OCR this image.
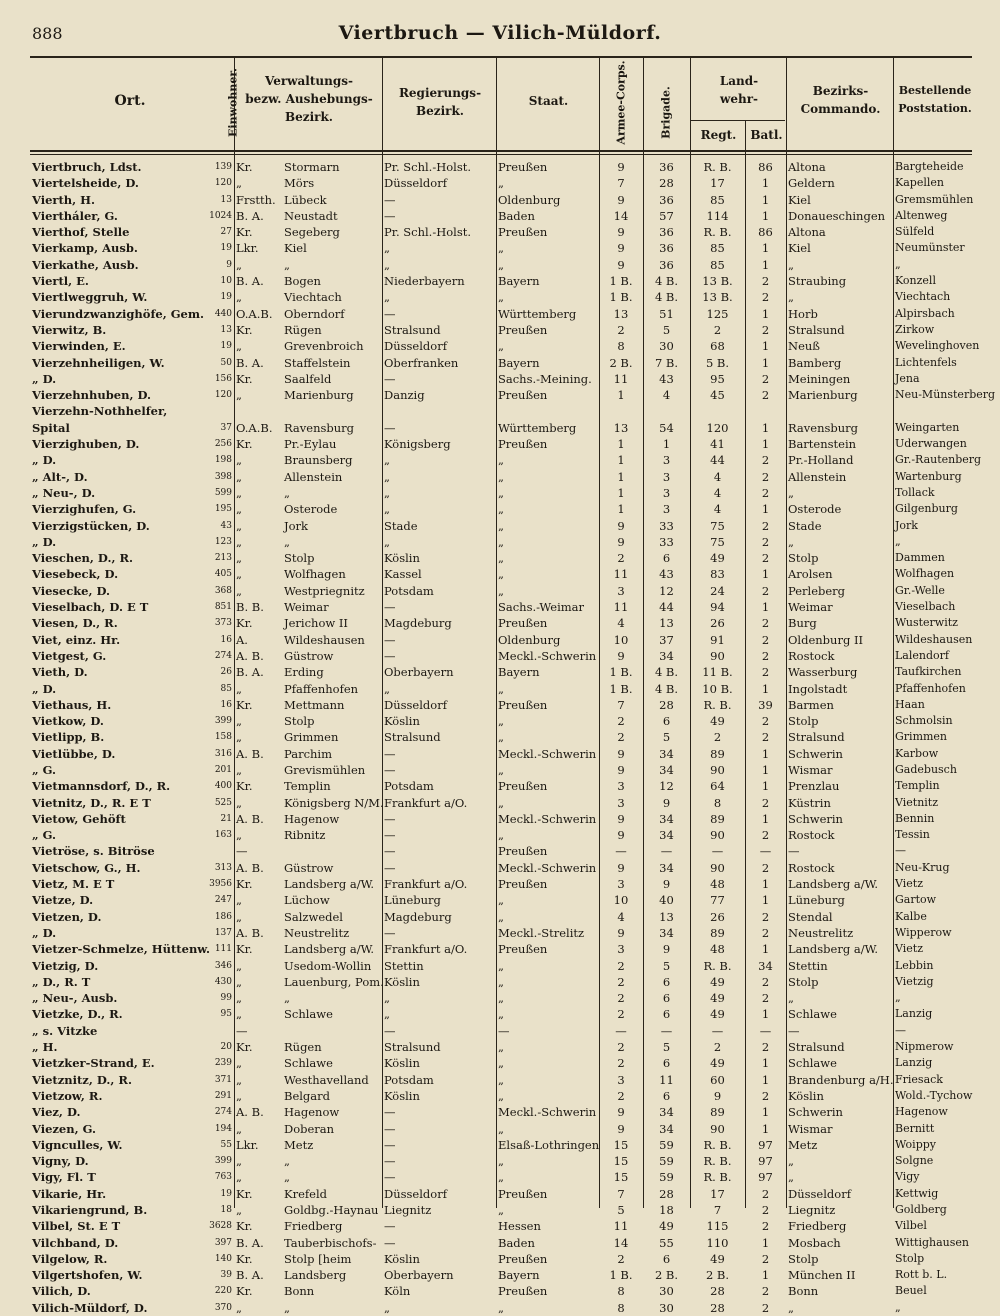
888	Viertbruch — Vilich-Müldorf.
Ort.	Einwohner.	Verwaltungs-
bezw. Aushebungs-
Bezirk.
Regierungs-
Bezirk.
Staat.	Armee-Corps.	Brigade.
Land-
wehr-
Regt.	Batl.
Bezirks-
Commando.
Bestellende
Poststation.
Viertbruch, Ldst.	139	Kr.	Stormarn	Pr. Schl.-Holst.	Preußen	9	36	R. B.	86	Altona	Bargteheide
Viertelsheide, D.	120	„	Mörs	Düsseldorf	„	7	28	17	1	Geldern	Kapellen
Vierth, H.	13	Frstth.	Lübeck	—	Oldenburg	9	36	85	1	Kiel	Gremsmühlen
Viertháler, G.	1024	B. A.	Neustadt	—	Baden	14	57	114	1	Donaueschingen	Altenweg
Vierthof, Stelle	27	Kr.	Segeberg	Pr. Schl.-Holst.	Preußen	9	36	R. B.	86	Altona	Sülfeld
Vierkamp, Ausb.	19	Lkr.	Kiel	„	„	9	36	85	1	Kiel	Neumünster
Vierkathe, Ausb.	9	„	„	„	„	9	36	85	1	„	„
Viertl, E.	10	B. A.	Bogen	Niederbayern	Bayern	1 B.	4 B.	13 B.	2	Straubing	Konzell
Viertlweggruh, W.	19	„	Viechtach	„	„	1 B.	4 B.	13 B.	2	„	Viechtach
Vierundzwanzighöfe, Gem.	440	O.A.B.	Oberndorf	—	Württemberg	13	51	125	1	Horb	Alpirsbach
Vierwitz, B.	13	Kr.	Rügen	Stralsund	Preußen	2	5	2	2	Stralsund	Zirkow
Vierwinden, E.	19	„	Grevenbroich	Düsseldorf	„	8	30	68	1	Neuß	Wevelinghoven
Vierzehnheiligen, W.	50	B. A.	Staffelstein	Oberfranken	Bayern	2 B.	7 B.	5 B.	1	Bamberg	Lichtenfels
„ D.	156	Kr.	Saalfeld	—	Sachs.-Meining.	11	43	95	2	Meiningen	Jena
Vierzehnhuben, D.	120	„	Marienburg	Danzig	Preußen	1	4	45	2	Marienburg	Neu-Münsterberg
Vierzehn-Nothhelfer,											
Spital	37	O.A.B.	Ravensburg	—	Württemberg	13	54	120	1	Ravensburg	Weingarten
Vierzighuben, D.	256	Kr.	Pr.-Eylau	Königsberg	Preußen	1	1	41	1	Bartenstein	Uderwangen
„ D.	198	„	Braunsberg	„	„	1	3	44	2	Pr.-Holland	Gr.-Rautenberg
„ Alt-, D.	398	„	Allenstein	„	„	1	3	4	2	Allenstein	Wartenburg
„ Neu-, D.	599	„	„	„	„	1	3	4	2	„	Tollack
Vierzighufen, G.	195	„	Osterode	„	„	1	3	4	1	Osterode	Gilgenburg
Vierzigstücken, D.	43	„	Jork	Stade	„	9	33	75	2	Stade	Jork
„ D.	123	„	„	„	„	9	33	75	2	„	„
Vieschen, D., R.	213	„	Stolp	Köslin	„	2	6	49	2	Stolp	Dammen
Viesebeck, D.	405	„	Wolfhagen	Kassel	„	11	43	83	1	Arolsen	Wolfhagen
Viesecke, D.	368	„	Westpriegnitz	Potsdam	„	3	12	24	2	Perleberg	Gr.-Welle
Vieselbach, D. E T	851	B. B.	Weimar	—	Sachs.-Weimar	11	44	94	1	Weimar	Vieselbach
Viesen, D., R.	373	Kr.	Jerichow II	Magdeburg	Preußen	4	13	26	2	Burg	Wusterwitz
Viet, einz. Hr.	16	A.	Wildeshausen	—	Oldenburg	10	37	91	2	Oldenburg II	Wildeshausen
Vietgest, G.	274	A. B.	Güstrow	—	Meckl.-Schwerin	9	34	90	2	Rostock	Lalendorf
Vieth, D.	26	B. A.	Erding	Oberbayern	Bayern	1 B.	4 B.	11 B.	2	Wasserburg	Taufkirchen
„ D.	85	„	Pfaffenhofen	„	„	1 B.	4 B.	10 B.	1	Ingolstadt	Pfaffenhofen
Viethaus, H.	16	Kr.	Mettmann	Düsseldorf	Preußen	7	28	R. B.	39	Barmen	Haan
Vietkow, D.	399	„	Stolp	Köslin	„	2	6	49	2	Stolp	Schmolsin
Vietlipp, B.	158	„	Grimmen	Stralsund	„	2	5	2	2	Stralsund	Grimmen
Vietlübbe, D.	316	A. B.	Parchim	—	Meckl.-Schwerin	9	34	89	1	Schwerin	Karbow
„ G.	201	„	Grevismühlen	—	„	9	34	90	1	Wismar	Gadebusch
Vietmannsdorf, D., R.	400	Kr.	Templin	Potsdam	Preußen	3	12	64	1	Prenzlau	Templin
Vietnitz, D., R. E T	525	„	Königsberg N/M.	Frankfurt a/O.	„	3	9	8	2	Küstrin	Vietnitz
Vietow, Gehöft	21	A. B.	Hagenow	—	Meckl.-Schwerin	9	34	89	1	Schwerin	Bennin
„ G.	163	„	Ribnitz	—	„	9	34	90	2	Rostock	Tessin
Vietröse, s. Bitröse		—		—	Preußen	—	—	—	—	—	—
Vietschow, G., H.	313	A. B.	Güstrow	—	Meckl.-Schwerin	9	34	90	2	Rostock	Neu-Krug
Vietz, M. E T	3956	Kr.	Landsberg a/W.	Frankfurt a/O.	Preußen	3	9	48	1	Landsberg a/W.	Vietz
Vietze, D.	247	„	Lüchow	Lüneburg	„	10	40	77	1	Lüneburg	Gartow
Vietzen, D.	186	„	Salzwedel	Magdeburg	„	4	13	26	2	Stendal	Kalbe
„ D.	137	A. B.	Neustrelitz	—	Meckl.-Strelitz	9	34	89	2	Neustrelitz	Wipperow
Vietzer-Schmelze, Hüttenw.	111	Kr.	Landsberg a/W.	Frankfurt a/O.	Preußen	3	9	48	1	Landsberg a/W.	Vietz
Vietzig, D.	346	„	Usedom-Wollin	Stettin	„	2	5	R. B.	34	Stettin	Lebbin
„ D., R. T	430	„	Lauenburg, Pom.	Köslin	„	2	6	49	2	Stolp	Vietzig
„ Neu-, Ausb.	99	„	„	„	„	2	6	49	2	„	„
Vietzke, D., R.	95	„	Schlawe	„	„	2	6	49	1	Schlawe	Lanzig
„ s. Vitzke		—		—	—	—	—	—	—	—	—
„ H.	20	Kr.	Rügen	Stralsund	„	2	5	2	2	Stralsund	Nipmerow
Vietzker-Strand, E.	239	„	Schlawe	Köslin	„	2	6	49	1	Schlawe	Lanzig
Vietznitz, D., R.	371	„	Westhavelland	Potsdam	„	3	11	60	1	Brandenburg a/H.	Friesack
Vietzow, R.	291	„	Belgard	Köslin	„	2	6	9	2	Köslin	Wold.-Tychow
Viez, D.	274	A. B.	Hagenow	—	Meckl.-Schwerin	9	34	89	1	Schwerin	Hagenow
Viezen, G.	194	„	Doberan	—	„	9	34	90	1	Wismar	Bernitt
Vignculles, W.	55	Lkr.	Metz	—	Elsaß-Lothringen	15	59	R. B.	97	Metz	Woippy
Vigny, D.	399	„	„	—	„	15	59	R. B.	97	„	Solgne
Vigy, Fl. T	763	„	„	—	„	15	59	R. B.	97	„	Vigy
Vikarie, Hr.	19	Kr.	Krefeld	Düsseldorf	Preußen	7	28	17	2	Düsseldorf	Kettwig
Vikariengrund, B.	18	„	Goldbg.-Haynau	Liegnitz	„	5	18	7	2	Liegnitz	Goldberg
Vilbel, St. E T	3628	Kr.	Friedberg	—	Hessen	11	49	115	2	Friedberg	Vilbel
Vilchband, D.	397	B. A.	Tauberbischofs-	—	Baden	14	55	110	1	Mosbach	Wittighausen
Vilgelow, R.	140	Kr.	Stolp [heim	Köslin	Preußen	2	6	49	2	Stolp	Stolp
Vilgertshofen, W.	39	B. A.	Landsberg	Oberbayern	Bayern	1 B.	2 B.	2 B.	1	München II	Rott b. L.
Vilich, D.	220	Kr.	Bonn	Köln	Preußen	8	30	28	2	Bonn	Beuel
Vilich-Müldorf, D.	370	„	„	„	„	8	30	28	2	„	„
